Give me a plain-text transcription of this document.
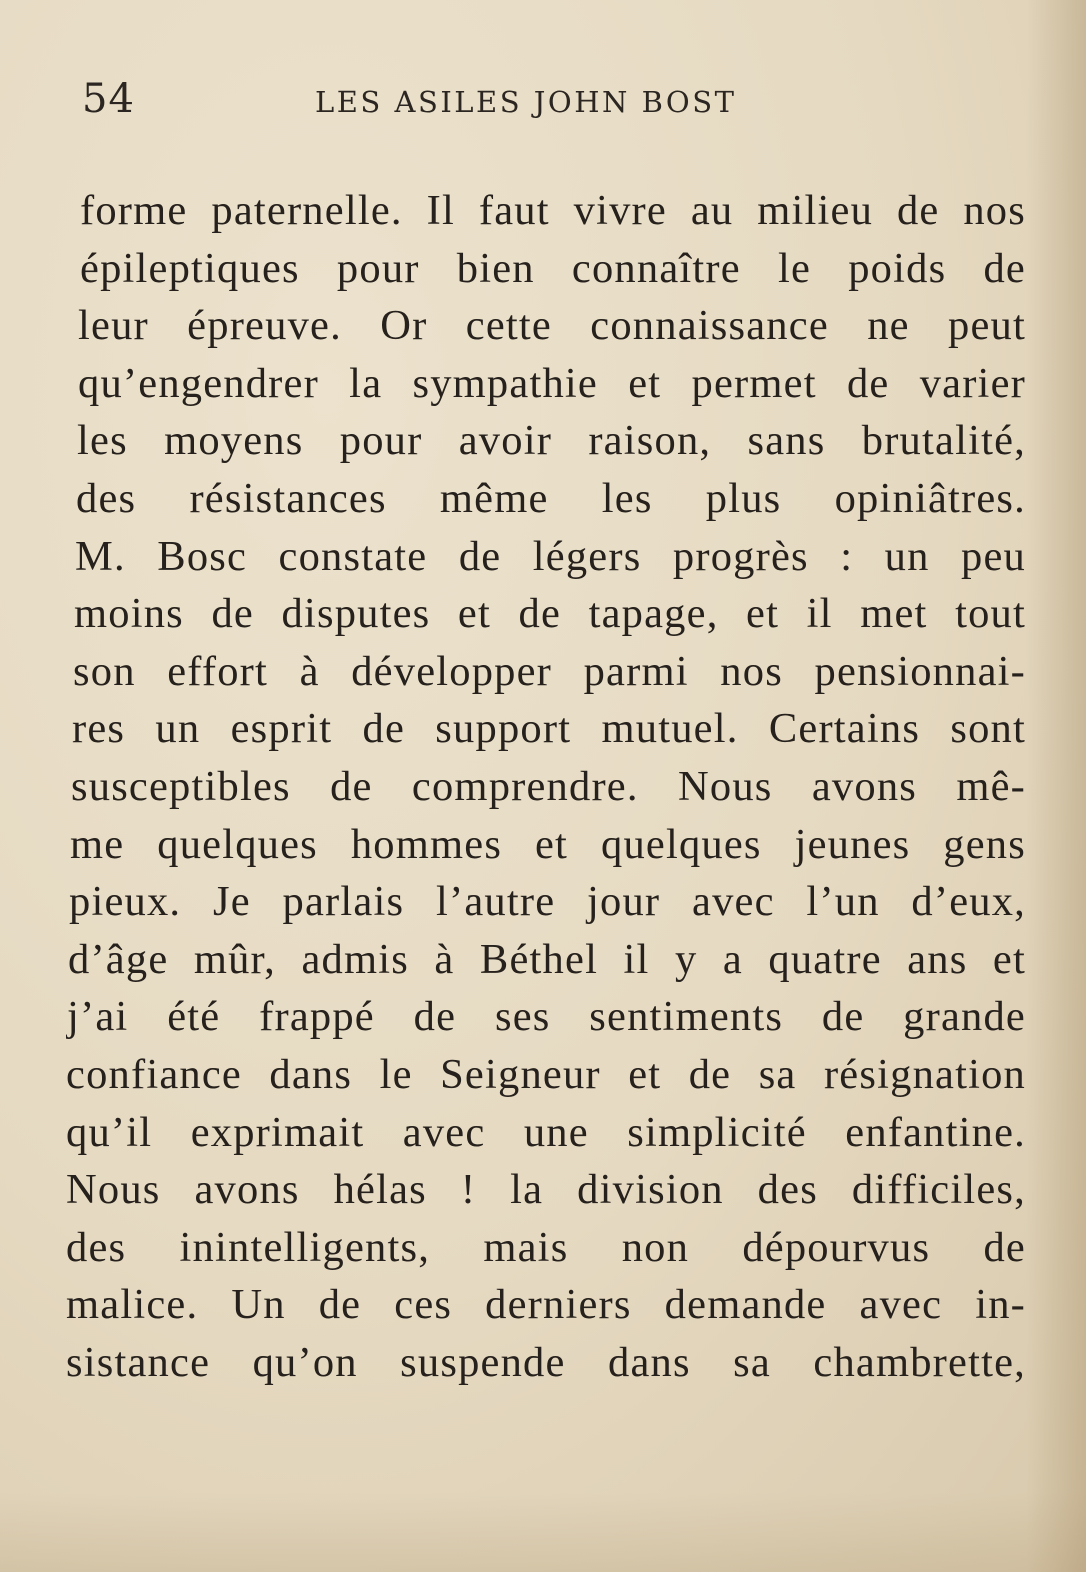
54	LES ASILES JOHN BOST
forme paternelle. Il faut vivre au milieu de nos
épileptiques pour bien connaître le poids de
leur épreuve. Or cette connaissance ne peut
qu’engendrer la sympathie et permet de varier
les moyens pour avoir raison, sans brutalité,
des résistances même les plus opiniâtres.
M. Bosc constate de légers progrès : un peu
moins de disputes et de tapage, et il met tout
son effort à développer parmi nos pensionnai-
res un esprit de support mutuel. Certains sont
susceptibles de comprendre. Nous avons mê-
me quelques hommes et quelques jeunes gens
pieux. Je parlais l’autre jour avec l’un d’eux,
d’âge mûr, admis à Béthel il y a quatre ans et
j’ai été frappé de ses sentiments de grande
confiance dans le Seigneur et de sa résignation
qu’il exprimait avec une simplicité enfantine.
Nous avons hélas ! la division des difficiles,
des inintelligents, mais non dépourvus de
malice. Un de ces derniers demande avec in-
sistance qu’on suspende dans sa chambrette,
